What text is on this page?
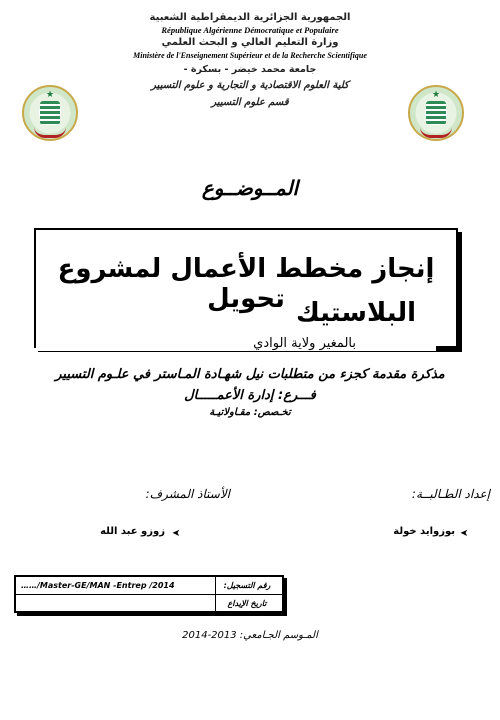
الجمهورية الجزائرية الديمقراطية الشعبية
République Algérienne Démocratique et Populaire
وزارة التعليم العالي و البحث العلمي
Ministère de l'Enseignement Supérieur et de la Recherche Scientifique
جامعة محمد خيضر - بسكرة -
كلية العلوم الاقتصادية و التجارية و علوم التسيير
قسم علوم التسيير
★	★
المــوضــوع
إنجاز مخطط الأعمال لمشروع تحويل البلاستيك
بالمغير ولاية الوادي
مذكرة مقدمة كجزء من متطلبات نيل شهـادة المـاستر في علـوم التسيير
فـــرع: إدارة الأعمـــــال
تخـصص: مقـاولاتيـة
إعداد الطـالبــة:
الأستاذ المشرف:
➤
بوزوايد خولة
➤
زوزو عبد الله
……/Master-GE/MAN -Entrep /2014	رقم التسجيل:
تاريخ الإيداع
المـوسم الجـامعي: 2013-2014
